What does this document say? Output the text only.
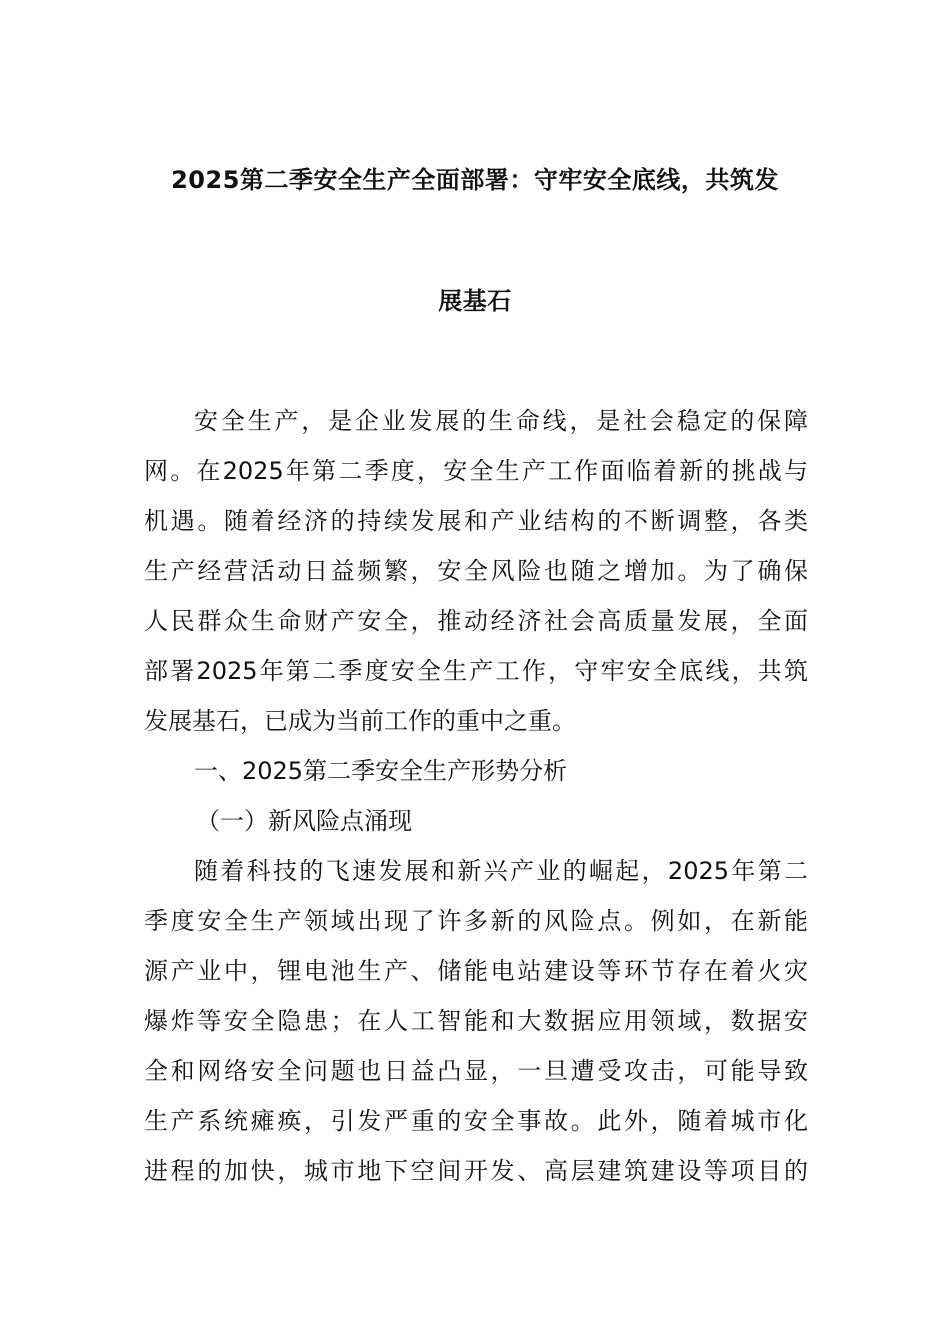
2025第二季安全生产全面部署：守牢安全底线，共筑发
展基石
安全生产，是企业发展的生命线，是社会稳定的保障
网。在2025年第二季度，安全生产工作面临着新的挑战与
机遇。随着经济的持续发展和产业结构的不断调整，各类
生产经营活动日益频繁，安全风险也随之增加。为了确保
人民群众生命财产安全，推动经济社会高质量发展，全面
部署2025年第二季度安全生产工作，守牢安全底线，共筑
发展基石，已成为当前工作的重中之重。
一、2025第二季安全生产形势分析
（一）新风险点涌现
随着科技的飞速发展和新兴产业的崛起，2025年第二
季度安全生产领域出现了许多新的风险点。例如，在新能
源产业中，锂电池生产、储能电站建设等环节存在着火灾
爆炸等安全隐患；在人工智能和大数据应用领域，数据安
全和网络安全问题也日益凸显，一旦遭受攻击，可能导致
生产系统瘫痪，引发严重的安全事故。此外，随着城市化
进程的加快，城市地下空间开发、高层建筑建设等项目的
